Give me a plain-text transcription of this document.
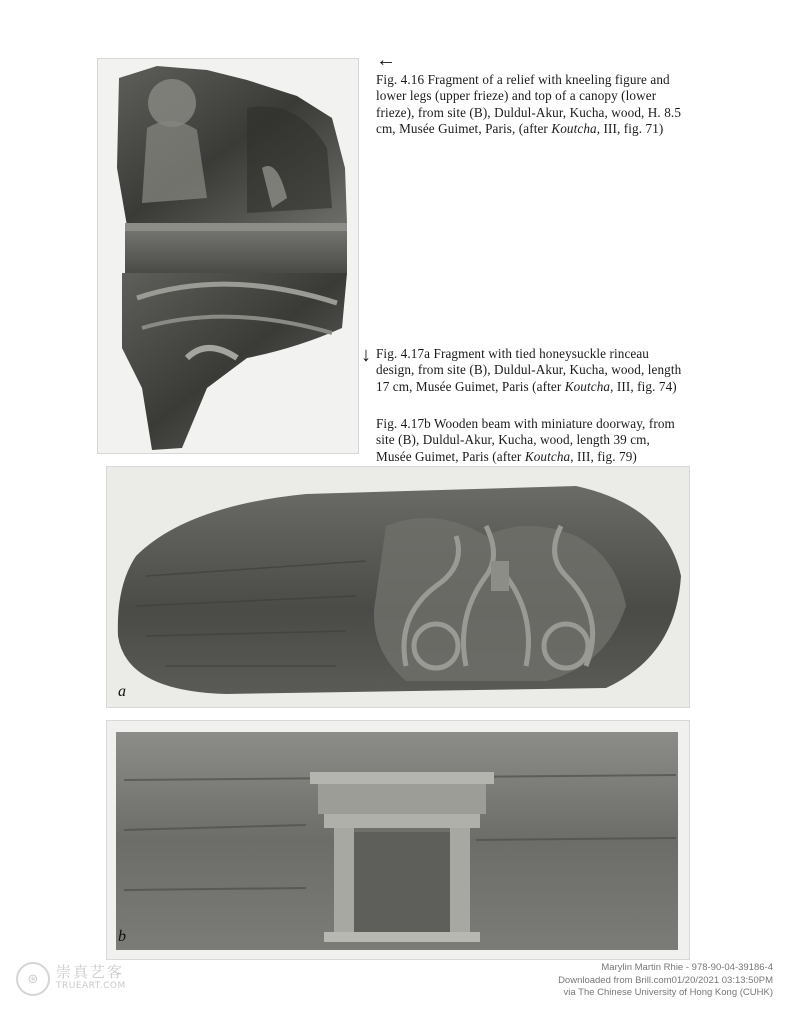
←
Fig. 4.16 Fragment of a relief with kneeling figure and lower legs (upper frieze) and top of a canopy (lower frieze), from site (B), Duldul-Akur, Kucha, wood, H. 8.5 cm, Musée Guimet, Paris, (after Koutcha, III, fig. 71)
↓ Fig. 4.17a Fragment with tied honeysuckle rinceau design, from site (B), Duldul-Akur, Kucha, wood, length 17 cm, Musée Guimet, Paris (after Koutcha, III, fig. 74)
Fig. 4.17b Wooden beam with miniature doorway, from site (B), Duldul-Akur, Kucha, wood, length 39 cm, Musée Guimet, Paris (after Koutcha, III, fig. 79)
a
b
⊛	崇真艺客
TRUEART.COM
Marylin Martin Rhie - 978-90-04-39186-4
Downloaded from Brill.com01/20/2021 03:13:50PM
via The Chinese University of Hong Kong (CUHK)
